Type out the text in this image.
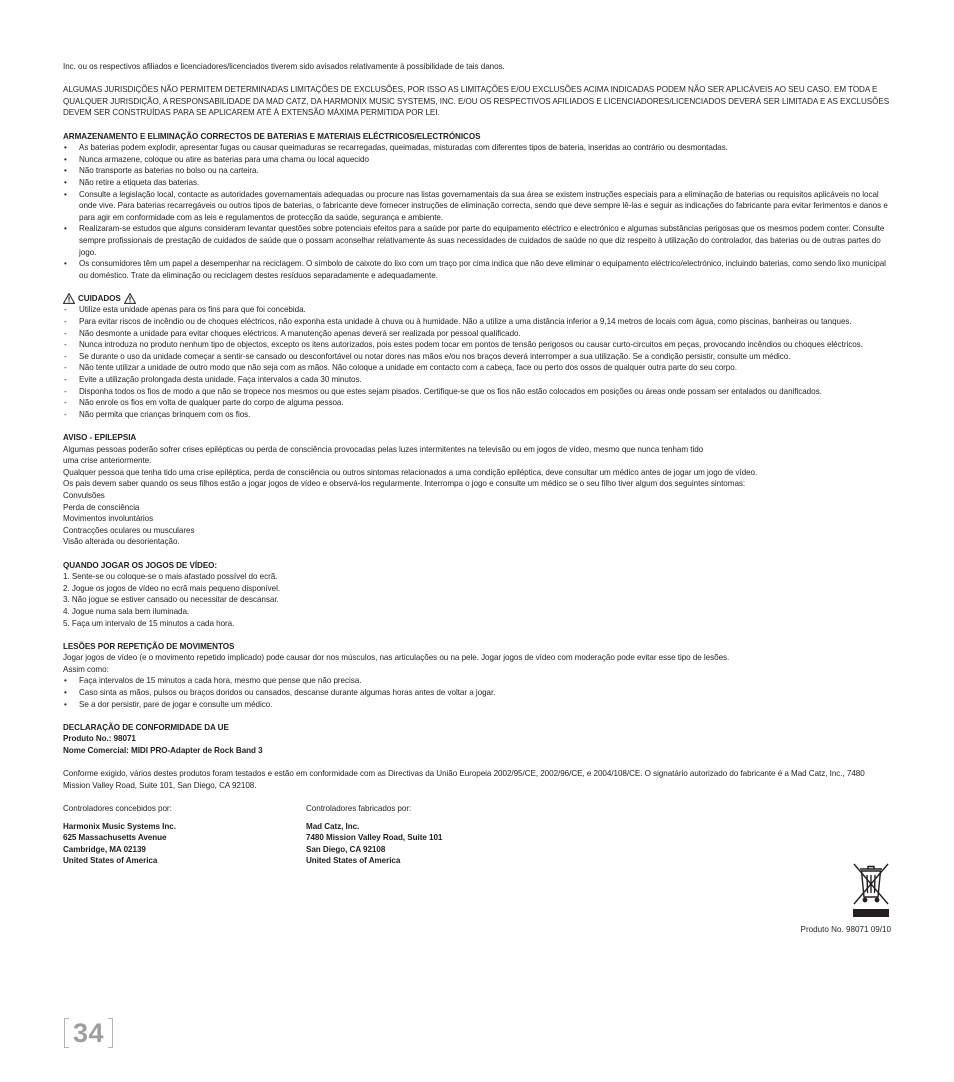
Inc. ou os respectivos afiliados e licenciadores/licenciados tiverem sido avisados relativamente à possibilidade de tais danos.

ALGUMAS JURISDIÇÕES NÃO PERMITEM DETERMINADAS LIMITAÇÕES DE EXCLUSÕES, POR ISSO AS LIMITAÇÕES E/OU EXCLUSÕES ACIMA INDICADAS PODEM NÃO SER APLICÁVEIS AO SEU CASO. EM TODA E QUALQUER JURISDIÇÃO, A RESPONSABILIDADE DA MAD CATZ, DA HARMONIX MUSIC SYSTEMS, INC. E/OU OS RESPECTIVOS AFILIADOS E LICENCIADORES/LICENCIADOS DEVERÁ SER LIMITADA E AS EXCLUSÕES DEVEM SER CONSTRUÍDAS PARA SE APLICAREM ATÉ À EXTENSÃO MÁXIMA PERMITIDA POR LEI.

ARMAZENAMENTO E ELIMINAÇÃO CORRECTOS DE BATERIAS E MATERIAIS ELÉCTRICOS/ELECTRÓNICOS

• As baterias podem explodir, apresentar fugas ou causar queimaduras se recarregadas, queimadas, misturadas com diferentes tipos de bateria, inseridas ao contrário ou desmontadas.
• Nunca armazene, coloque ou atire as baterias para uma chama ou local aquecido
• Não transporte as baterias no bolso ou na carteira.
• Não retire a etiqueta das baterias.
• Consulte a legislação local, contacte as autoridades governamentais adequadas ou procure nas listas governamentais da sua área se existem instruções especiais para a eliminação de baterias ou requisitos aplicáveis no local onde vive. Para baterias recarregáveis ou outros tipos de baterias, o fabricante deve fornecer instruções de eliminação correcta, sendo que deve sempre lê-las e seguir as indicações do fabricante para evitar ferimentos e danos e para agir em conformidade com as leis e regulamentos de protecção da saúde, segurança e ambiente.
• Realizaram-se estudos que alguns consideram levantar questões sobre potenciais efeitos para a saúde por parte do equipamento eléctrico e electrónico e algumas substâncias perigosas que os mesmos podem conter. Consulte sempre profissionais de prestação de cuidados de saúde que o possam aconselhar relativamente às suas necessidades de cuidados de saúde no que diz respeito à utilização do controlador, das baterias ou de outras partes do jogo.
• Os consumidores têm um papel a desempenhar na reciclagem. O símbolo de caixote do lixo com um traço por cima indica que não deve eliminar o equipamento eléctrico/electrónico, incluindo baterias, como sendo lixo municipal ou doméstico. Trate da eliminação ou reciclagem destes resíduos separadamente e adequadamente.
CUIDADOS
- Utilize esta unidade apenas para os fins para que foi concebida.
- Para evitar riscos de incêndio ou de choques eléctricos, não exponha esta unidade à chuva ou à humidade. Não a utilize a uma distância inferior a 9,14 metros de locais com água, como piscinas, banheiras ou tanques.
- Não desmonte a unidade para evitar choques eléctricos. A manutenção apenas deverá ser realizada por pessoal qualificado.
- Nunca introduza no produto nenhum tipo de objectos, excepto os itens autorizados, pois estes podem tocar em pontos de tensão perigosos ou causar curto-circuitos em peças, provocando incêndios ou choques eléctricos.
- Se durante o uso da unidade começar a sentir-se cansado ou desconfortável ou notar dores nas mãos e/ou nos braços deverá interromper a sua utilização. Se a condição persistir, consulte um médico.
- Não tente utilizar a unidade de outro modo que não seja com as mãos. Não coloque a unidade em contacto com a cabeça, face ou perto dos ossos de qualquer outra parte do seu corpo.
- Evite a utilização prolongada desta unidade. Faça intervalos a cada 30 minutos.
- Disponha todos os fios de modo a que não se tropece nos mesmos ou que estes sejam pisados. Certifique-se que os fios não estão colocados em posições ou áreas onde possam ser entalados ou danificados.
- Não enrole os fios em volta de qualquer parte do corpo de alguma pessoa.
- Não permita que crianças brinquem com os fios.

AVISO - EPILEPSIA

Algumas pessoas poderão sofrer crises epilépticas ou perda de consciência provocadas pelas luzes intermitentes na televisão ou em jogos de vídeo, mesmo que nunca tenham tido

uma crise anteriormente.

Qualquer pessoa que tenha tido uma crise epiléptica, perda de consciência ou outros sintomas relacionados a uma condição epiléptica, deve consultar um médico antes de jogar um jogo de vídeo.

Os pais devem saber quando os seus filhos estão a jogar jogos de vídeo e observá-los regularmente. Interrompa o jogo e consulte um médico se o seu filho tiver algum dos seguintes sintomas:

Convulsões

Perda de consciência

Movimentos involuntários

Contracções oculares ou musculares

Visão alterada ou desorientação.

QUANDO JOGAR OS JOGOS DE VÍDEO:

1. Sente-se ou coloque-se o mais afastado possível do ecrã.

2. Jogue os jogos de vídeo no ecrã mais pequeno disponível.

3. Não jogue se estiver cansado ou necessitar de descansar.

4. Jogue numa sala bem iluminada.

5. Faça um intervalo de 15 minutos a cada hora.

LESÕES POR REPETIÇÃO DE MOVIMENTOS

Jogar jogos de vídeo (e o movimento repetido implicado) pode causar dor nos músculos, nas articulações ou na pele. Jogar jogos de vídeo com moderação pode evitar esse tipo de lesões.

Assim como:

• Faça intervalos de 15 minutos a cada hora, mesmo que pense que não precisa.
• Caso sinta as mãos, pulsos ou braços doridos ou cansados, descanse durante algumas horas antes de voltar a jogar.
• Se a dor persistir, pare de jogar e consulte um médico.

DECLARAÇÃO DE CONFORMIDADE DA UE

Produto No.: 98071

Nome Comercial: MIDI PRO-Adapter de Rock Band 3

Conforme exigido, vários destes produtos foram testados e estão em conformidade com as Directivas da União Europeia 2002/95/CE, 2002/96/CE, e 2004/108/CE. O signatário autorizado do fabricante é a Mad Catz, Inc., 7480 Mission Valley Road, Suite 101, San Diego, CA 92108.

Controladores concebidos por:

Harmonix Music Systems Inc.

625 Massachusetts Avenue

Cambridge, MA 02139

United States of America

Controladores fabricados por:

Mad Catz, Inc.

7480 Mission Valley Road, Suite 101

San Diego, CA 92108

United States of America

Produto No. 98071 09/10
34
